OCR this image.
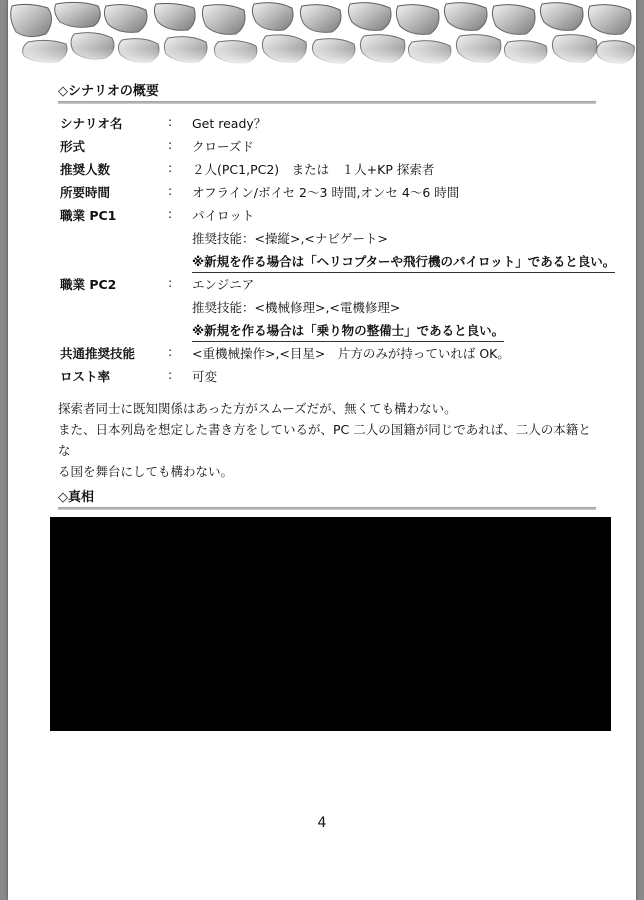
◇シナリオの概要
シナリオ名	: Get ready？
形式	: クローズド
推奨人数	: ２人(PC1,PC2)　または　１人+KP 探索者
所要時間	: オフライン/ボイセ 2〜3 時間,オンセ 4〜6 時間
職業 PC1	: パイロット
推奨技能：<操縦>,<ナビゲート>
※新規を作る場合は「ヘリコプターや飛行機のパイロット」であると良い。
職業 PC2	: エンジニア
推奨技能：<機械修理>,<電機修理>
※新規を作る場合は「乗り物の整備士」であると良い。
共通推奨技能	: <重機械操作>,<目星>　片方のみが持っていれば OK。
ロスト率	: 可変
探索者同士に既知関係はあった方がスムーズだが、無くても構わない。
また、日本列島を想定した書き方をしているが、PC 二人の国籍が同じであれば、二人の本籍とな
る国を舞台にしても構わない。
◇真相
4
